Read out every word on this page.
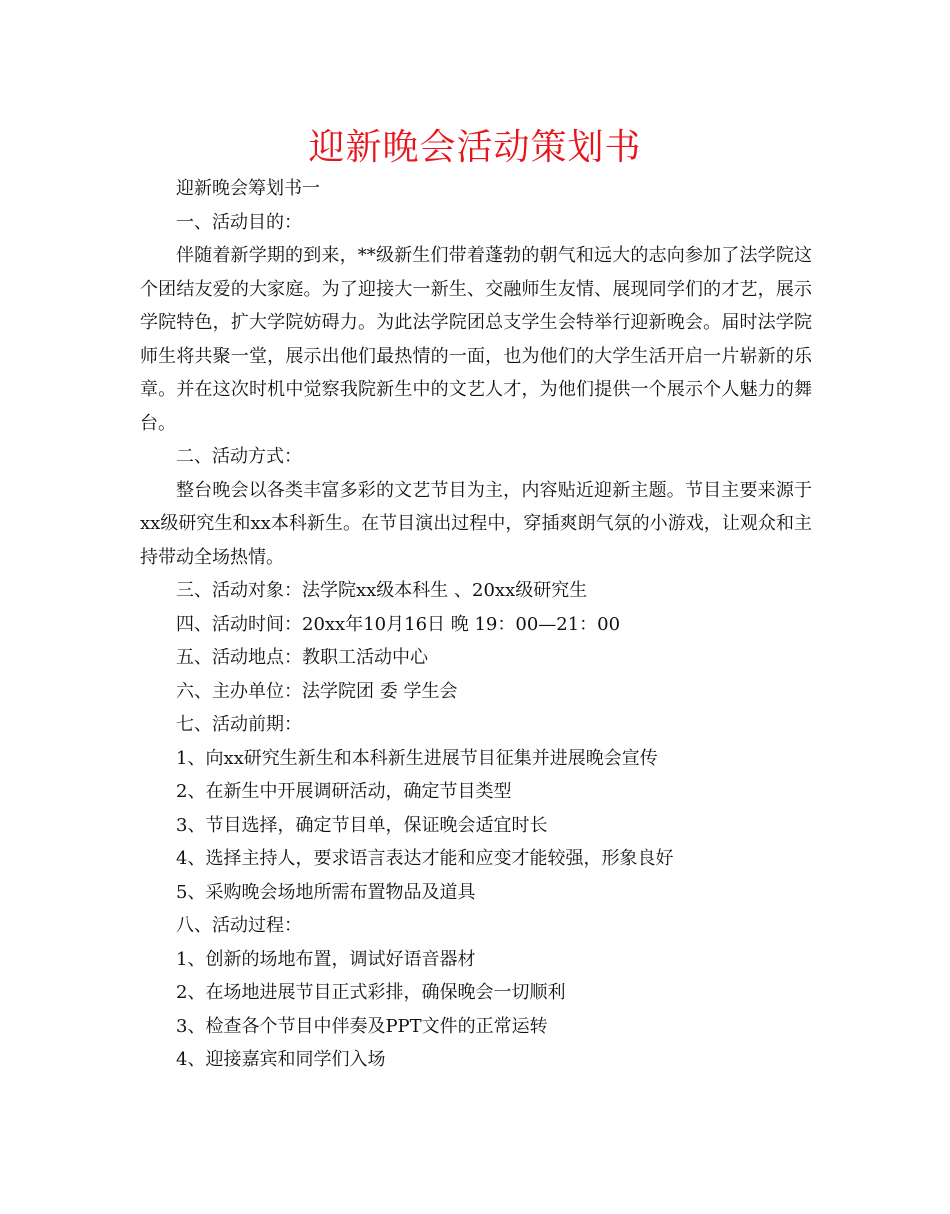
迎新晚会活动策划书

迎新晚会筹划书一

一、活动目的：

伴随着新学期的到来，**级新生们带着蓬勃的朝气和远大的志向参加了法学院这个团结友爱的大家庭。为了迎接大一新生、交融师生友情、展现同学们的才艺，展示学院特色，扩大学院妨碍力。为此法学院团总支学生会特举行迎新晚会。届时法学院师生将共聚一堂，展示出他们最热情的一面，也为他们的大学生活开启一片崭新的乐章。并在这次时机中觉察我院新生中的文艺人才，为他们提供一个展示个人魅力的舞台。

二、活动方式：

整台晚会以各类丰富多彩的文艺节目为主，内容贴近迎新主题。节目主要来源于xx级研究生和xx本科新生。在节目演出过程中，穿插爽朗气氛的小游戏，让观众和主持带动全场热情。

三、活动对象：法学院xx级本科生 、20xx级研究生

四、活动时间：20xx年10月16日 晚 19：00—21：00

五、活动地点：教职工活动中心

六、主办单位：法学院团 委 学生会

七、活动前期：

1、向xx研究生新生和本科新生进展节目征集并进展晚会宣传

2、在新生中开展调研活动，确定节目类型

3、节目选择，确定节目单，保证晚会适宜时长

4、选择主持人，要求语言表达才能和应变才能较强，形象良好

5、采购晚会场地所需布置物品及道具

八、活动过程：

1、创新的场地布置，调试好语音器材

2、在场地进展节目正式彩排，确保晚会一切顺利

3、检查各个节目中伴奏及PPT文件的正常运转

4、迎接嘉宾和同学们入场
